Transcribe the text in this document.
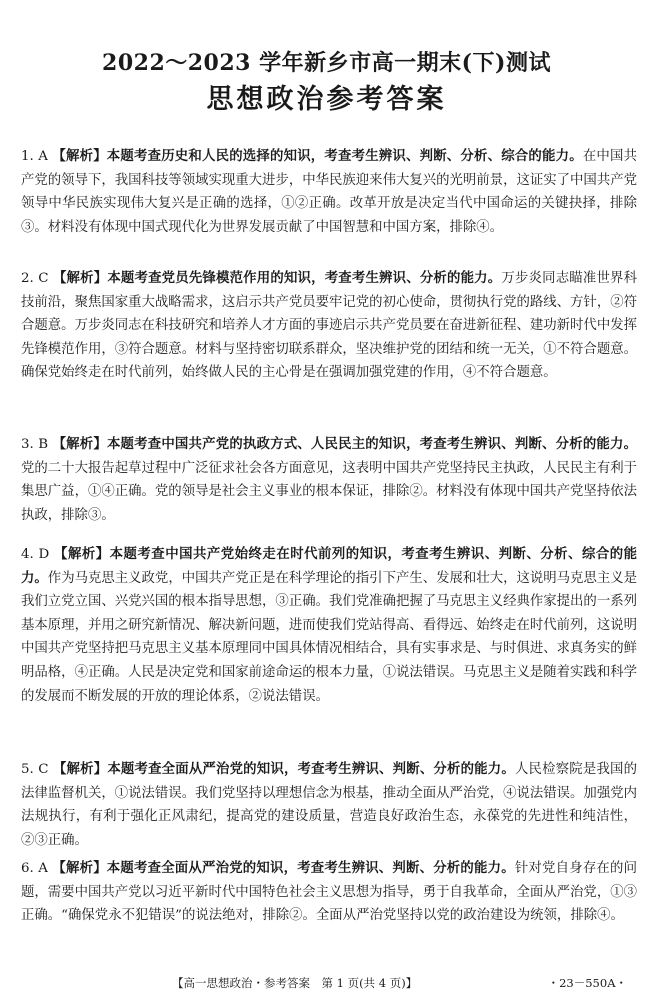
2022～2023 学年新乡市高一期末(下)测试
思想政治参考答案
1. A 【解析】本题考查历史和人民的选择的知识，考查考生辨识、判断、分析、综合的能力。在中国共产党的领导下，我国科技等领域实现重大进步，中华民族迎来伟大复兴的光明前景，这证实了中国共产党领导中华民族实现伟大复兴是正确的选择，①②正确。改革开放是决定当代中国命运的关键抉择，排除③。材料没有体现中国式现代化为世界发展贡献了中国智慧和中国方案，排除④。
2. C 【解析】本题考查党员先锋模范作用的知识，考查考生辨识、分析的能力。万步炎同志瞄准世界科技前沿，聚焦国家重大战略需求，这启示共产党员要牢记党的初心使命，贯彻执行党的路线、方针，②符合题意。万步炎同志在科技研究和培养人才方面的事迹启示共产党员要在奋进新征程、建功新时代中发挥先锋模范作用，③符合题意。材料与坚持密切联系群众，坚决维护党的团结和统一无关，①不符合题意。确保党始终走在时代前列，始终做人民的主心骨是在强调加强党建的作用，④不符合题意。
3. B 【解析】本题考查中国共产党的执政方式、人民民主的知识，考查考生辨识、判断、分析的能力。党的二十大报告起草过程中广泛征求社会各方面意见，这表明中国共产党坚持民主执政，人民民主有利于集思广益，①④正确。党的领导是社会主义事业的根本保证，排除②。材料没有体现中国共产党坚持依法执政，排除③。
4. D 【解析】本题考查中国共产党始终走在时代前列的知识，考查考生辨识、判断、分析、综合的能力。作为马克思主义政党，中国共产党正是在科学理论的指引下产生、发展和壮大，这说明马克思主义是我们立党立国、兴党兴国的根本指导思想，③正确。我们党准确把握了马克思主义经典作家提出的一系列基本原理，并用之研究新情况、解决新问题，进而使我们党站得高、看得远、始终走在时代前列，这说明中国共产党坚持把马克思主义基本原理同中国具体情况相结合，具有实事求是、与时俱进、求真务实的鲜明品格，④正确。人民是决定党和国家前途命运的根本力量，①说法错误。马克思主义是随着实践和科学的发展而不断发展的开放的理论体系，②说法错误。
5. C 【解析】本题考查全面从严治党的知识，考查考生辨识、判断、分析的能力。人民检察院是我国的法律监督机关，①说法错误。我们党坚持以理想信念为根基，推动全面从严治党，④说法错误。加强党内法规执行，有利于强化正风肃纪，提高党的建设质量，营造良好政治生态，永葆党的先进性和纯洁性，②③正确。
6. A 【解析】本题考查全面从严治党的知识，考查考生辨识、判断、分析的能力。针对党自身存在的问题，需要中国共产党以习近平新时代中国特色社会主义思想为指导，勇于自我革命，全面从严治党，①③正确。“确保党永不犯错误”的说法绝对，排除②。全面从严治党坚持以党的政治建设为统领，排除④。
【高一思想政治・参考答案　第 1 页(共 4 页)】	・23－550A・
